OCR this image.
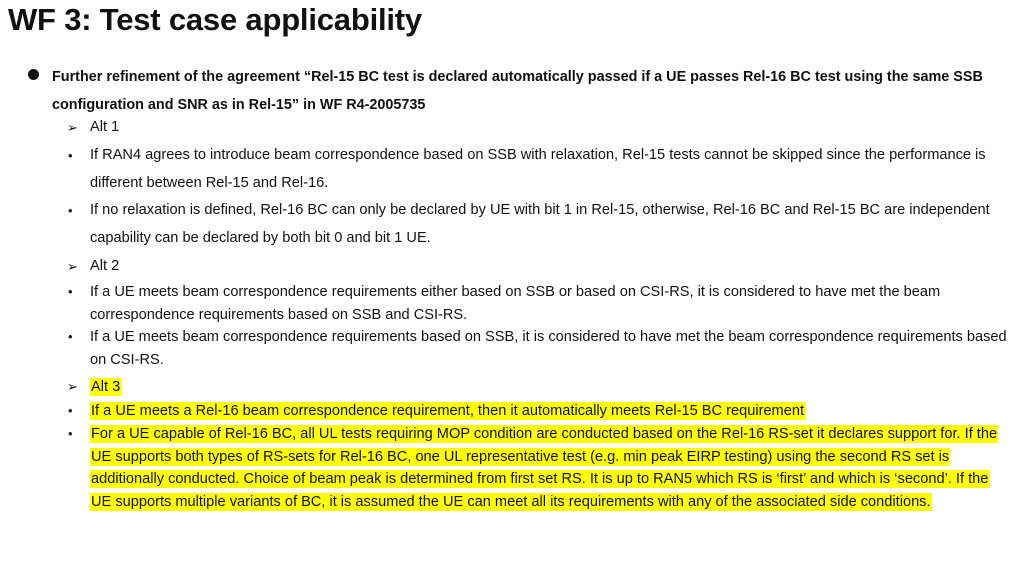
WF 3: Test case applicability
Further refinement of the agreement “Rel-15 BC test is declared automatically passed if a UE passes Rel-16 BC test using the same SSB configuration and SNR as in Rel-15” in WF R4-2005735
➢ Alt 1
•	If RAN4 agrees to introduce beam correspondence based on SSB with relaxation, Rel-15 tests cannot be skipped since the performance is different between Rel-15 and Rel-16.
•	If no relaxation is defined, Rel-16 BC can only be declared by UE with bit 1 in Rel-15, otherwise, Rel-16 BC and Rel-15 BC are independent capability can be declared by both bit 0 and bit 1 UE.
➢ Alt 2
•	If a UE meets beam correspondence requirements either based on SSB or based on CSI-RS, it is considered to have met the beam correspondence requirements based on SSB and CSI-RS.
•	If a UE meets beam correspondence requirements based on SSB, it is considered to have met the beam correspondence requirements based on CSI-RS.
➢ Alt 3
•	If a UE meets a Rel-16 beam correspondence requirement, then it automatically meets Rel-15 BC requirement
•	For a UE capable of Rel-16 BC, all UL tests requiring MOP condition are conducted based on the Rel-16 RS-set it declares support for. If the UE supports both types of RS-sets for Rel-16 BC, one UL representative test (e.g. min peak EIRP testing) using the second RS set is additionally conducted. Choice of beam peak is determined from first set RS. It is up to RAN5 which RS is ‘first’ and which is ‘second’. If the UE supports multiple variants of BC, it is assumed the UE can meet all its requirements with any of the associated side conditions.
